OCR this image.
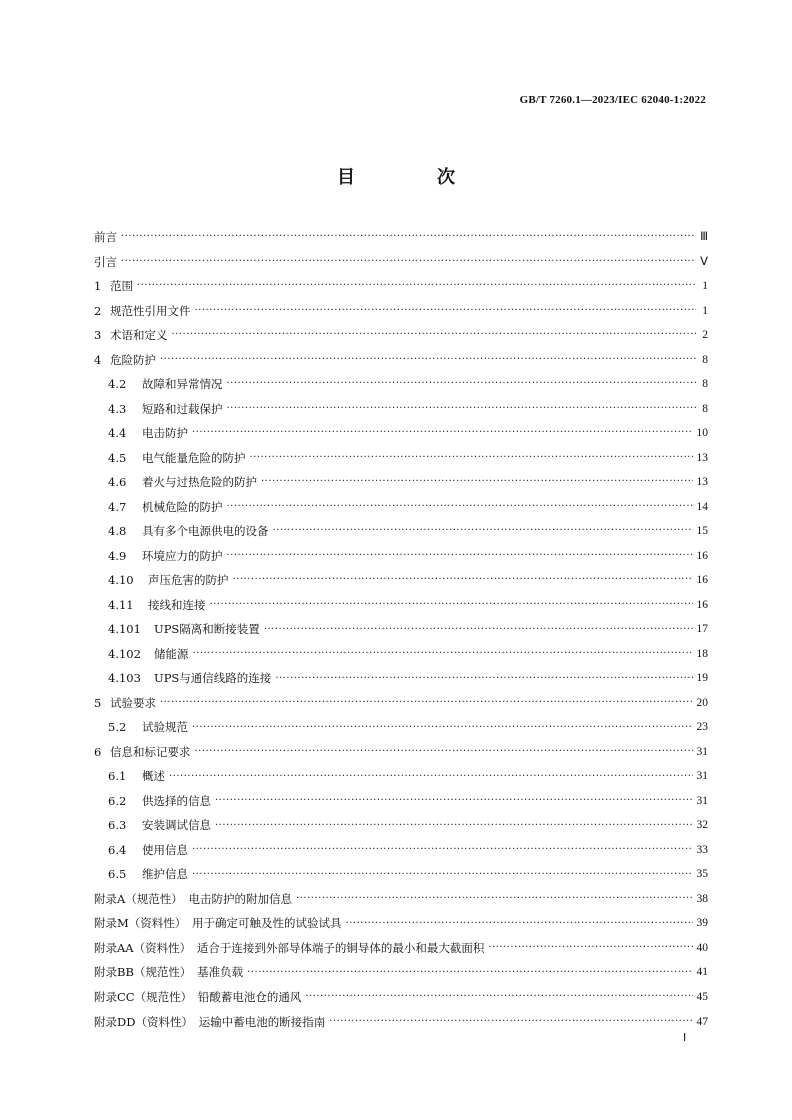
GB/T 7260.1—2023/IEC 62040-1:2022
目　次
前言 ·····	Ⅲ
引言 ·····	Ⅴ
1 范围 ·····	1
2 规范性引用文件 ·····	1
3 术语和定义 ·····	2
4 危险防护 ·····	8
4.2	故障和异常情况 ·····	8
4.3	短路和过载保护 ·····	8
4.4	电击防护 ·····	10
4.5	电气能量危险的防护 ·····	13
4.6	着火与过热危险的防护 ·····	13
4.7	机械危险的防护 ·····	14
4.8	具有多个电源供电的设备 ·····	15
4.9	环境应力的防护 ·····	16
4.10	声压危害的防护 ·····	16
4.11	接线和连接 ·····	16
4.101	UPS隔离和断接装置 ·····	17
4.102	储能源 ·····	18
4.103	UPS与通信线路的连接 ·····	19
5 试验要求 ·····	20
5.2	试验规范 ·····	23
6 信息和标记要求 ·····	31
6.1	概述 ·····	31
6.2	供选择的信息 ·····	31
6.3	安装调试信息 ·····	32
6.4	使用信息 ·····	33
6.5	维护信息 ·····	35
附录A（规范性）　电击防护的附加信息 ·····	38
附录M（资料性）　用于确定可触及性的试验试具 ·····	39
附录AA（资料性）　适合于连接到外部导体端子的铜导体的最小和最大截面积 ·····	40
附录BB（规范性）　基准负载 ·····	41
附录CC（规范性）　铅酸蓄电池仓的通风 ·····	45
附录DD（资料性）　运输中蓄电池的断接指南 ·····	47
Ⅰ
